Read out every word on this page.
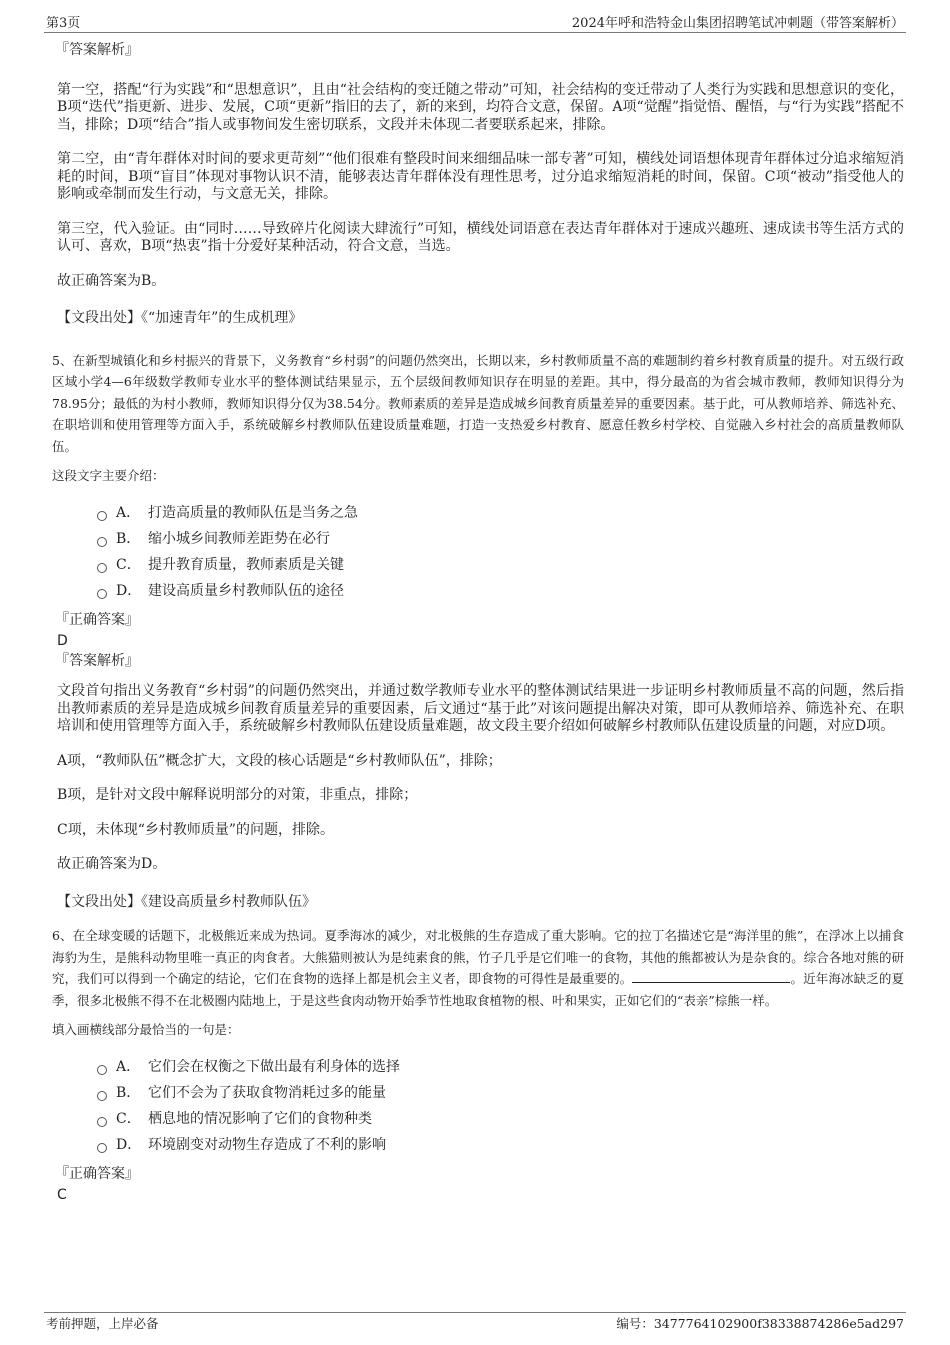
第3页	2024年呼和浩特金山集团招聘笔试冲刺题（带答案解析）

『答案解析』

第一空，搭配“行为实践”和“思想意识”，且由“社会结构的变迁随之带动”可知，社会结构的变迁带动了人类行为实践和思想意识的变化，B项“迭代”指更新、进步、发展，C项“更新”指旧的去了，新的来到，均符合文意，保留。A项“觉醒”指觉悟、醒悟，与“行为实践”搭配不当，排除；D项“结合”指人或事物间发生密切联系，文段并未体现二者要联系起来，排除。

第二空，由“青年群体对时间的要求更苛刻”“他们很难有整段时间来细细品味一部专著”可知，横线处词语想体现青年群体过分追求缩短消耗的时间，B项“盲目”体现对事物认识不清，能够表达青年群体没有理性思考，过分追求缩短消耗的时间，保留。C项“被动”指受他人的影响或牵制而发生行动，与文意无关，排除。

第三空，代入验证。由“同时……导致碎片化阅读大肆流行”可知，横线处词语意在表达青年群体对于速成兴趣班、速成读书等生活方式的认可、喜欢，B项“热衷”指十分爱好某种活动，符合文意，当选。

故正确答案为B。

【文段出处】《“加速青年”的生成机理》

5、在新型城镇化和乡村振兴的背景下，义务教育“乡村弱”的问题仍然突出，长期以来，乡村教师质量不高的难题制约着乡村教育质量的提升。对五级行政区域小学4—6年级数学教师专业水平的整体测试结果显示，五个层级间教师知识存在明显的差距。其中，得分最高的为省会城市教师，教师知识得分为78.95分；最低的为村小教师，教师知识得分仅为38.54分。教师素质的差异是造成城乡间教育质量差异的重要因素。基于此，可从教师培养、筛选补充、在职培训和使用管理等方面入手，系统破解乡村教师队伍建设质量难题，打造一支热爱乡村教育、愿意任教乡村学校、自觉融入乡村社会的高质量教师队伍。

这段文字主要介绍：

A． 打造高质量的教师队伍是当务之急
B． 缩小城乡间教师差距势在必行
C． 提升教育质量，教师素质是关键
D． 建设高质量乡村教师队伍的途径

『正确答案』

D

『答案解析』

文段首句指出义务教育“乡村弱”的问题仍然突出，并通过数学教师专业水平的整体测试结果进一步证明乡村教师质量不高的问题，然后指出教师素质的差异是造成城乡间教育质量差异的重要因素，后文通过“基于此”对该问题提出解决对策，即可从教师培养、筛选补充、在职培训和使用管理等方面入手，系统破解乡村教师队伍建设质量难题，故文段主要介绍如何破解乡村教师队伍建设质量的问题，对应D项。

A项，“教师队伍”概念扩大，文段的核心话题是“乡村教师队伍”，排除；

B项，是针对文段中解释说明部分的对策，非重点，排除；

C项，未体现“乡村教师质量”的问题，排除。

故正确答案为D。

【文段出处】《建设高质量乡村教师队伍》

6、在全球变暖的话题下，北极熊近来成为热词。夏季海冰的减少，对北极熊的生存造成了重大影响。它的拉丁名描述它是“海洋里的熊”，在浮冰上以捕食海豹为生，是熊科动物里唯一真正的肉食者。大熊猫则被认为是纯素食的熊，竹子几乎是它们唯一的食物，其他的熊都被认为是杂食的。综合各地对熊的研究，我们可以得到一个确定的结论，它们在食物的选择上都是机会主义者，即食物的可得性是最重要的。	。近年海冰缺乏的夏季，很多北极熊不得不在北极圈内陆地上，于是这些食肉动物开始季节性地取食植物的根、叶和果实，正如它们的“表亲”棕熊一样。

填入画横线部分最恰当的一句是：

A． 它们会在权衡之下做出最有利身体的选择
B． 它们不会为了获取食物消耗过多的能量
C． 栖息地的情况影响了它们的食物种类
D． 环境剧变对动物生存造成了不利的影响

『正确答案』

C

考前押题，上岸必备	编号：3477764102900f38338874286e5ad297
